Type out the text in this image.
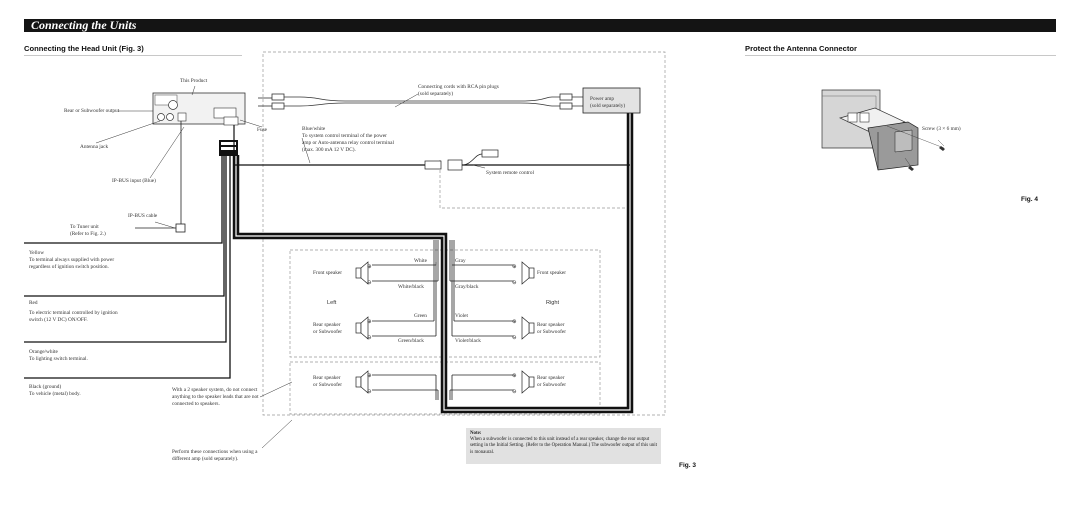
Connecting the Units
Connecting the Head Unit (Fig. 3)	Protect the Antenna Connector
This Product
Rear or Subwoofer output
Antenna jack
IP-BUS input (Blue)
Fuse
IP-BUS cable
To Tuner unit
(Refer to Fig. 2.)
Connecting cords with RCA pin plugs
(sold separately)
Power amp
(sold separately)
Blue/white
To system control terminal of the power
amp or Auto-antenna relay control terminal
(max. 300 mA 12 V DC).
System remote control
Yellow
To terminal always supplied with power
regardless of ignition switch position.
Red
To electric terminal controlled by ignition
switch (12 V DC) ON/OFF.
Orange/white
To lighting switch terminal.
Black (ground)
To vehicle (metal) body.
Front speaker	Front speaker
Rear speaker
or Subwoofer
Rear speaker
or Subwoofer
Rear speaker
or Subwoofer
Rear speaker
or Subwoofer
Left	Right
⊕
⊖
⊕
⊖
⊕
⊖
⊕
⊖
⊕
⊖
⊕
⊖
White
White/black
Gray
Gray/black
Green
Green/black
Violet
Violet/black
With a 2 speaker system, do not connect
anything to the speaker leads that are not
connected to speakers.
Perform these connections when using a
different amp (sold separately).
Screw (3 × 6 mm)
Note:
When a subwoofer is connected to this unit instead of a rear speaker, change the rear output setting in the Initial Setting. (Refer to the Operation Manual.) The subwoofer output of this unit is monaural.
Fig. 3
Fig. 4
